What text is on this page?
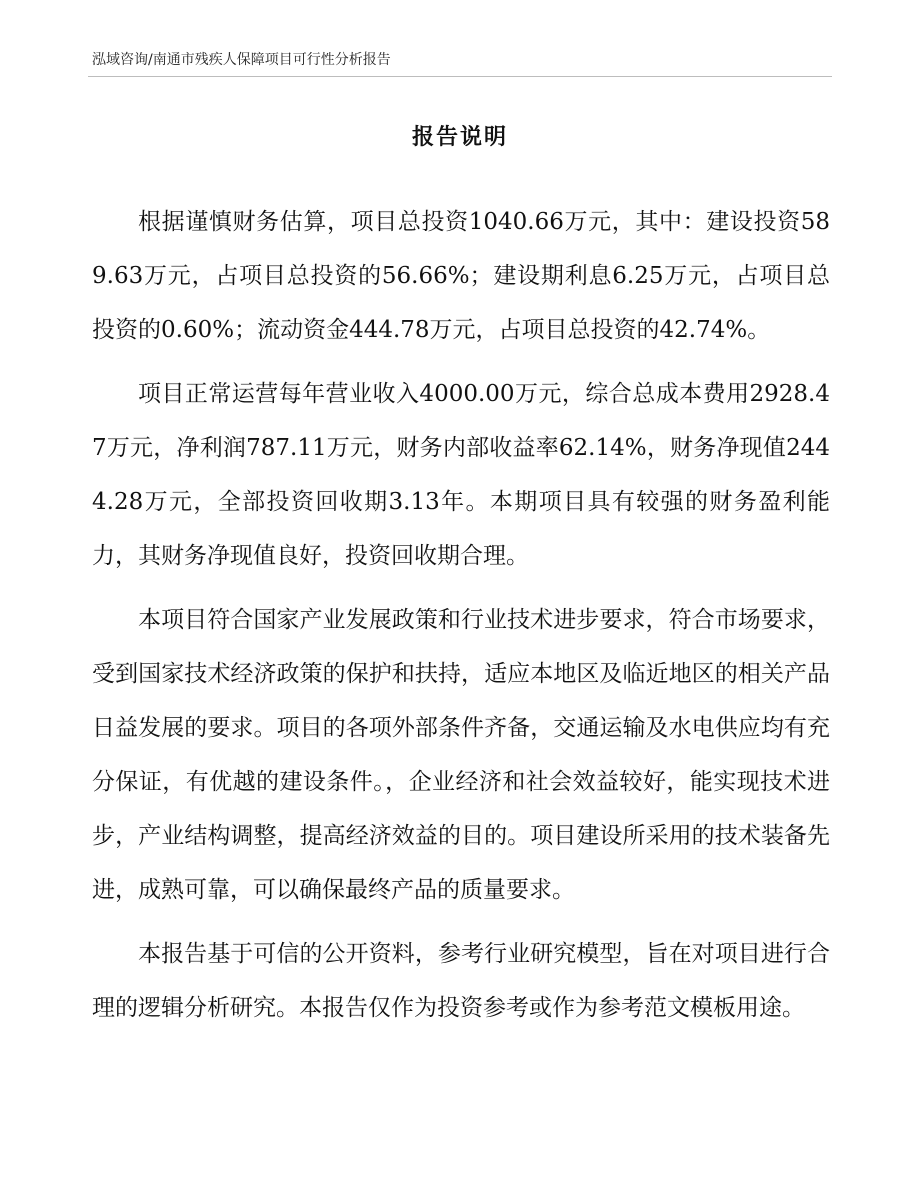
泓域咨询/南通市残疾人保障项目可行性分析报告
报告说明

根据谨慎财务估算，项目总投资1040.66万元，其中：建设投资589.63万元，占项目总投资的56.66%；建设期利息6.25万元，占项目总投资的0.60%；流动资金444.78万元，占项目总投资的42.74%。

项目正常运营每年营业收入4000.00万元，综合总成本费用2928.47万元，净利润787.11万元，财务内部收益率62.14%，财务净现值2444.28万元，全部投资回收期3.13年。本期项目具有较强的财务盈利能力，其财务净现值良好，投资回收期合理。

本项目符合国家产业发展政策和行业技术进步要求，符合市场要求，受到国家技术经济政策的保护和扶持，适应本地区及临近地区的相关产品日益发展的要求。项目的各项外部条件齐备，交通运输及水电供应均有充分保证，有优越的建设条件。，企业经济和社会效益较好，能实现技术进步，产业结构调整，提高经济效益的目的。项目建设所采用的技术装备先进，成熟可靠，可以确保最终产品的质量要求。

本报告基于可信的公开资料，参考行业研究模型，旨在对项目进行合理的逻辑分析研究。本报告仅作为投资参考或作为参考范文模板用途。
